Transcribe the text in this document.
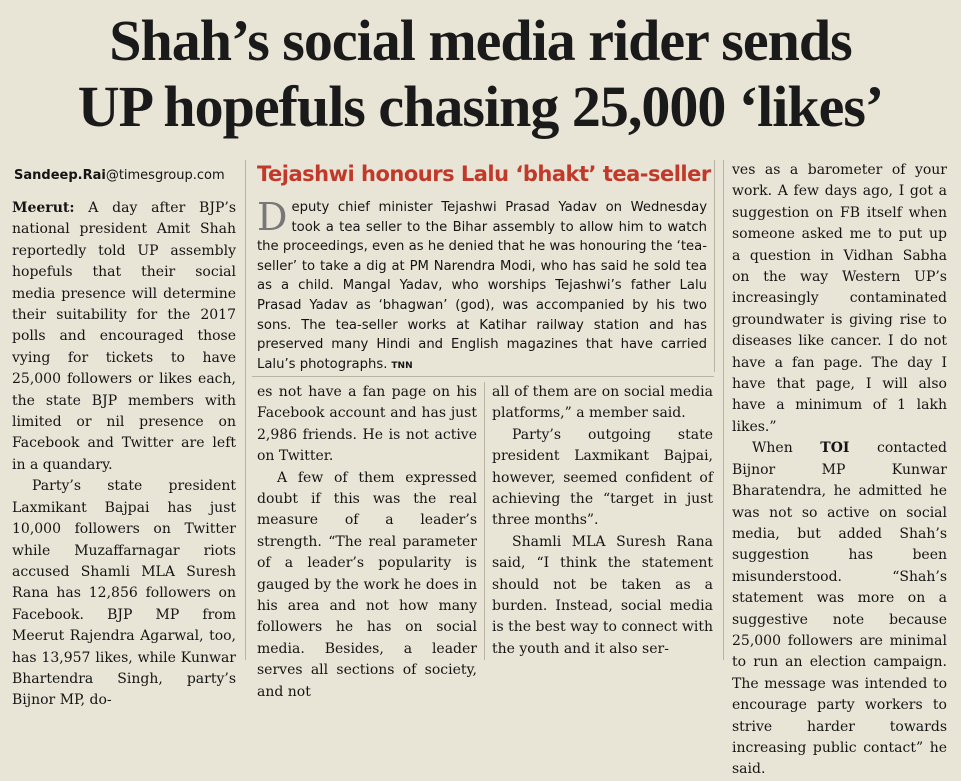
Shah’s social media rider sends
UP hopefuls chasing 25,000 ‘likes’
Sandeep.Rai@timesgroup.com

Meerut: A day after BJP’s national president Amit Shah reportedly told UP assembly hopefuls that their social media presence will determine their suitability for the 2017 polls and encouraged those vying for tickets to have 25,000 followers or likes each, the state BJP members with limited or nil presence on Facebook and Twitter are left in a quandary.

Party’s state president Laxmikant Bajpai has just 10,000 followers on Twitter while Muzaffarnagar riots accused Shamli MLA Suresh Rana has 12,856 followers on Facebook. BJP MP from Meerut Rajendra Agarwal, too, has 13,957 likes, while Kunwar Bhartendra Singh, party’s Bijnor MP, do-

Tejashwi honours Lalu ‘bhakt’ tea-seller
Deputy chief minister Tejashwi Prasad Yadav on Wednesday took a tea seller to the Bihar assembly to allow him to watch the proceedings, even as he denied that he was honouring the ‘tea-seller’ to take a dig at PM Narendra Modi, who has said he sold tea as a child. Mangal Yadav, who worships Tejashwi’s father Lalu Prasad Yadav as ‘bhagwan’ (god), was accompanied by his two sons. The tea-seller works at Katihar railway station and has preserved many Hindi and English magazines that have carried Lalu’s photographs. TNN

es not have a fan page on his Facebook account and has just 2,986 friends. He is not active on Twitter.

A few of them expressed doubt if this was the real measure of a leader’s strength. “The real parameter of a leader’s popularity is gauged by the work he does in his area and not how many followers he has on social media. Besides, a leader serves all sections of society, and not

all of them are on social media platforms,” a member said.

Party’s outgoing state president Laxmikant Bajpai, however, seemed confident of achieving the “target in just three months”.

Shamli MLA Suresh Rana said, “I think the statement should not be taken as a burden. Instead, social media is the best way to connect with the youth and it also ser-

ves as a barometer of your work. A few days ago, I got a suggestion on FB itself when someone asked me to put up a question in Vidhan Sabha on the way Western UP’s increasingly contaminated groundwater is giving rise to diseases like cancer. I do not have a fan page. The day I have that page, I will also have a minimum of 1 lakh likes.”

When TOI contacted Bijnor MP Kunwar Bharatendra, he admitted he was not so active on social media, but added Shah’s suggestion has been misunderstood. “Shah’s statement was more on a suggestive note because 25,000 followers are minimal to run an election campaign. The message was intended to encourage party workers to strive harder towards increasing public contact” he said.
